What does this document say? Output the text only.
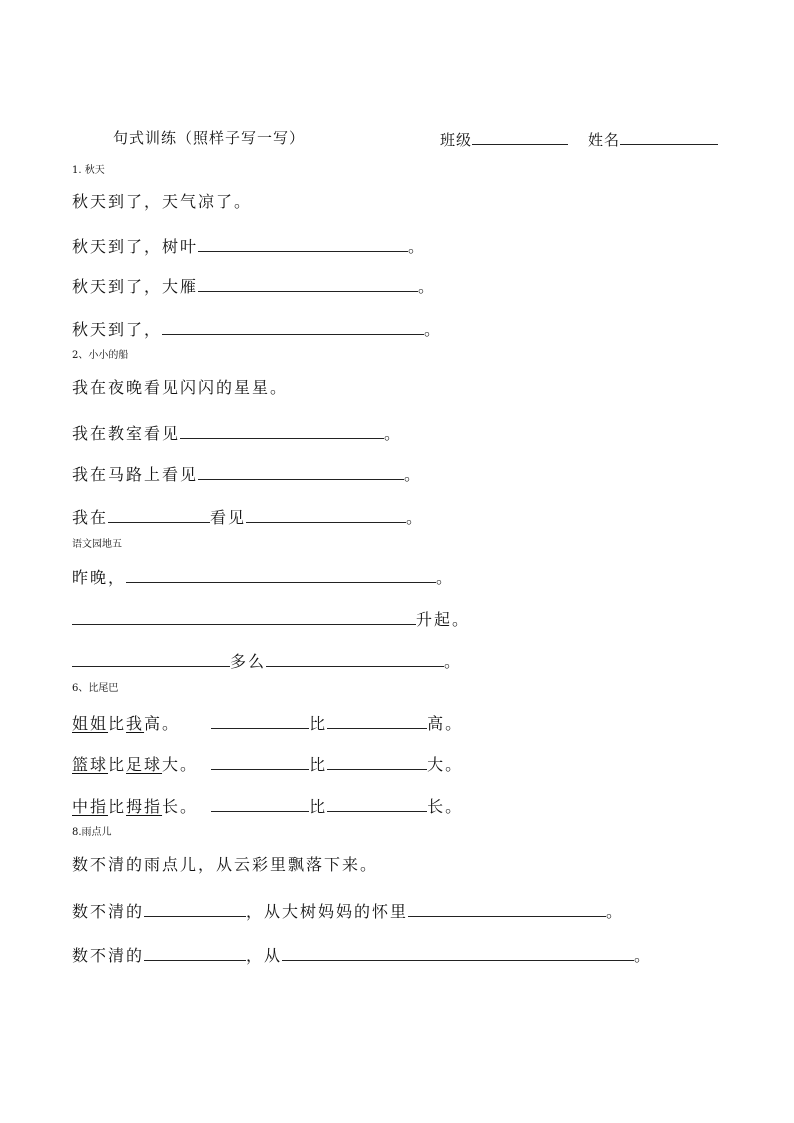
句式训练（照样子写一写）	班级	姓名
1. 秋天
秋天到了，天气凉了。
秋天到了，树叶	。
秋天到了，大雁	。
秋天到了，	。
2、小小的船
我在夜晚看见闪闪的星星。
我在教室看见	。
我在马路上看见	。
我在	看见	。
语文园地五
昨晚，	。
升起。
多么	。
6、比尾巴
姐姐比我高。	比	高。
篮球比足球大。	比	大。
中指比拇指长。	比	长。
8.雨点儿
数不清的雨点儿，从云彩里飘落下来。
数不清的	，从大树妈妈的怀里	。
数不清的	，从	。
